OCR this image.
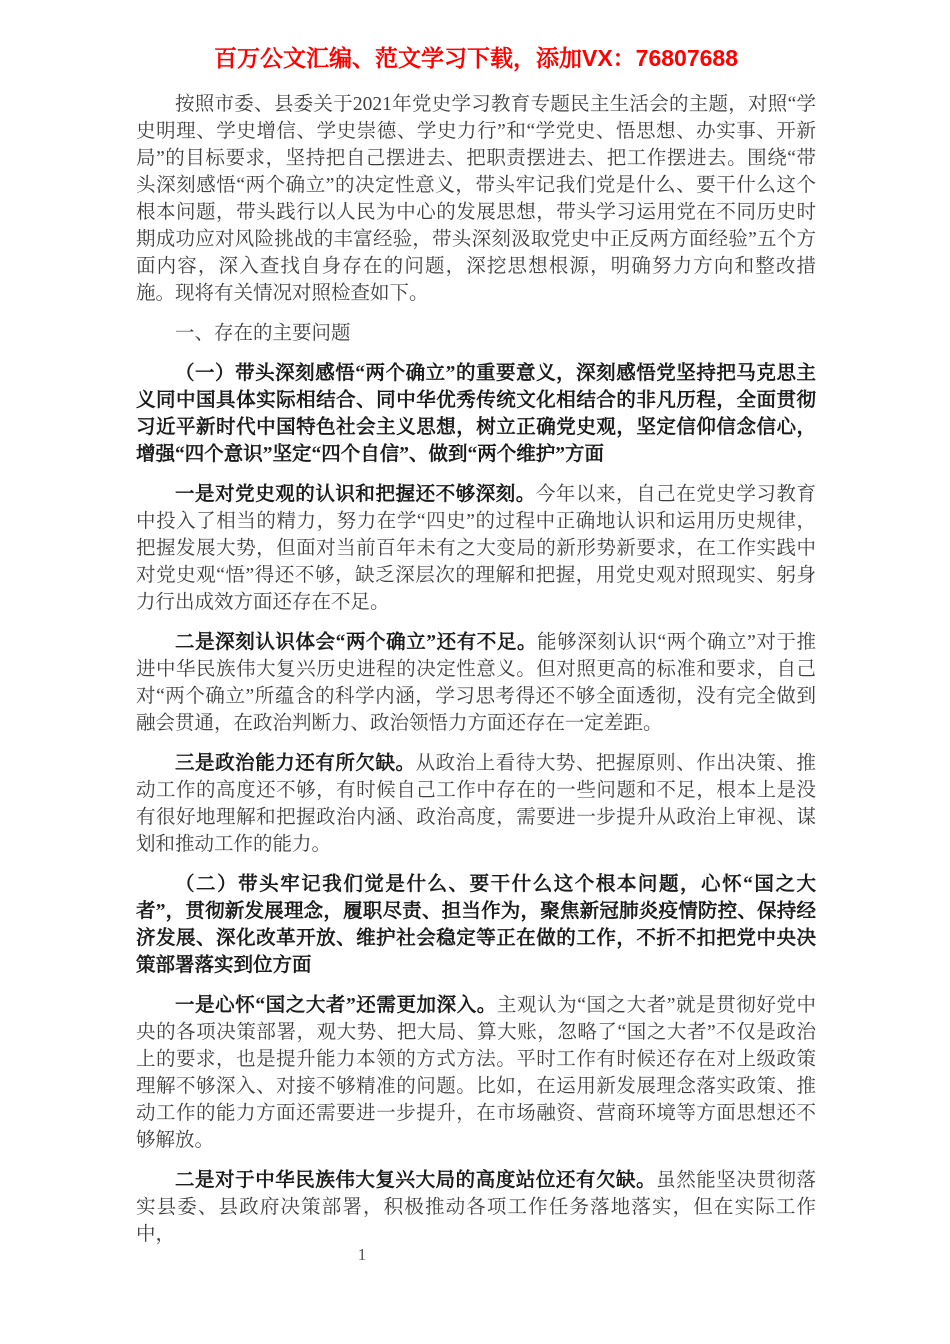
百万公文汇编、范文学习下载，添加VX：76807688

按照市委、县委关于2021年党史学习教育专题民主生活会的主题，对照“学史明理、学史增信、学史崇德、学史力行”和“学党史、悟思想、办实事、开新局”的目标要求，坚持把自己摆进去、把职责摆进去、把工作摆进去。围绕“带头深刻感悟“两个确立”的决定性意义，带头牢记我们党是什么、要干什么这个根本问题，带头践行以人民为中心的发展思想，带头学习运用党在不同历史时期成功应对风险挑战的丰富经验，带头深刻汲取党史中正反两方面经验”五个方面内容，深入查找自身存在的问题，深挖思想根源，明确努力方向和整改措施。现将有关情况对照检查如下。

一、存在的主要问题

（一）带头深刻感悟“两个确立”的重要意义，深刻感悟党坚持把马克思主义同中国具体实际相结合、同中华优秀传统文化相结合的非凡历程，全面贯彻习近平新时代中国特色社会主义思想，树立正确党史观，坚定信仰信念信心，增强“四个意识”坚定“四个自信”、做到“两个维护”方面

一是对党史观的认识和把握还不够深刻。今年以来，自己在党史学习教育中投入了相当的精力，努力在学“四史”的过程中正确地认识和运用历史规律，把握发展大势，但面对当前百年未有之大变局的新形势新要求，在工作实践中对党史观“悟”得还不够，缺乏深层次的理解和把握，用党史观对照现实、躬身力行出成效方面还存在不足。

二是深刻认识体会“两个确立”还有不足。能够深刻认识“两个确立”对于推进中华民族伟大复兴历史进程的决定性意义。但对照更高的标准和要求，自己对“两个确立”所蕴含的科学内涵，学习思考得还不够全面透彻，没有完全做到融会贯通，在政治判断力、政治领悟力方面还存在一定差距。

三是政治能力还有所欠缺。从政治上看待大势、把握原则、作出决策、推动工作的高度还不够，有时候自己工作中存在的一些问题和不足，根本上是没有很好地理解和把握政治内涵、政治高度，需要进一步提升从政治上审视、谋划和推动工作的能力。

（二）带头牢记我们觉是什么、要干什么这个根本问题，心怀“国之大者”，贯彻新发展理念，履职尽责、担当作为，聚焦新冠肺炎疫情防控、保持经济发展、深化改革开放、维护社会稳定等正在做的工作，不折不扣把党中央决策部署落实到位方面

一是心怀“国之大者”还需更加深入。主观认为“国之大者”就是贯彻好党中央的各项决策部署，观大势、把大局、算大账，忽略了“国之大者”不仅是政治上的要求，也是提升能力本领的方式方法。平时工作有时候还存在对上级政策理解不够深入、对接不够精准的问题。比如，在运用新发展理念落实政策、推动工作的能力方面还需要进一步提升，在市场融资、营商环境等方面思想还不够解放。

二是对于中华民族伟大复兴大局的高度站位还有欠缺。虽然能坚决贯彻落实县委、县政府决策部署，积极推动各项工作任务落地落实，但在实际工作中，

1
